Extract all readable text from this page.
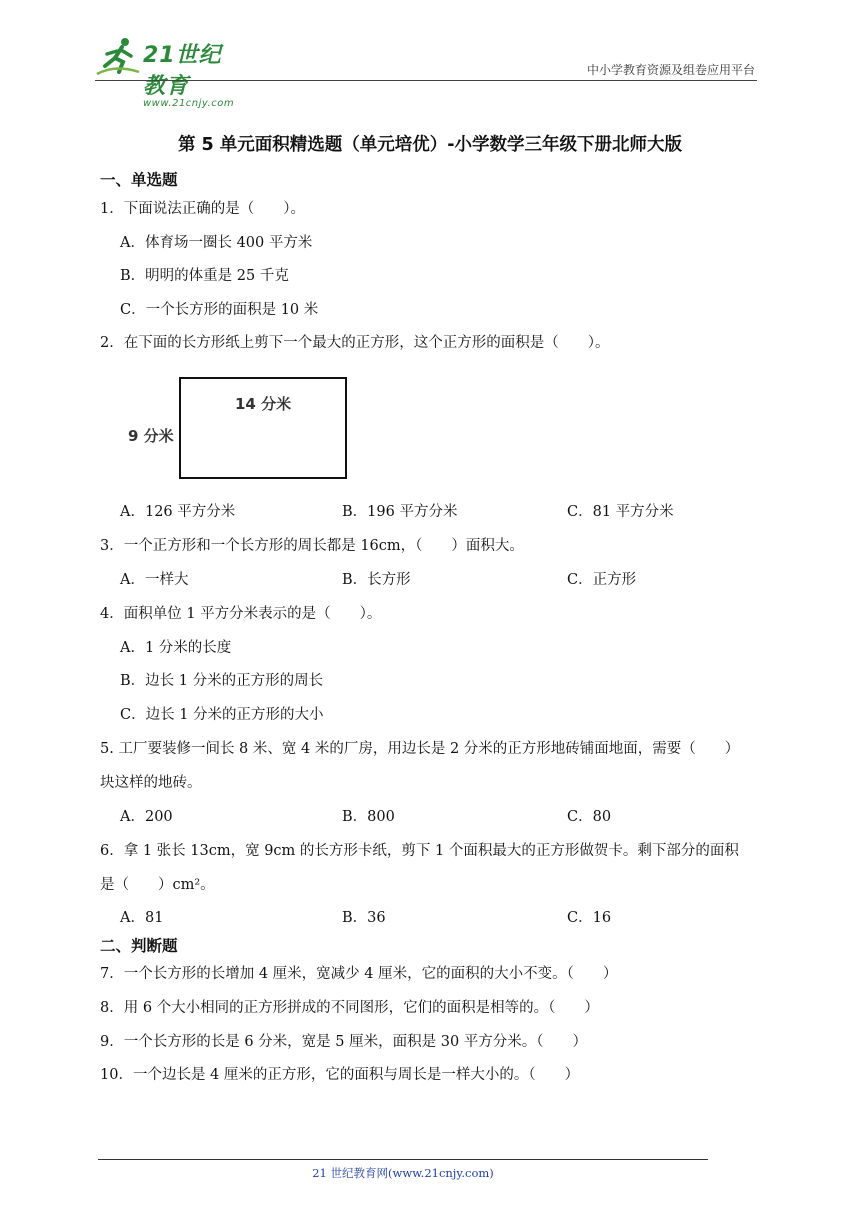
21世纪教育
www.21cnjy.com
中小学教育资源及组卷应用平台
第 5 单元面积精选题（单元培优）-小学数学三年级下册北师大版
一、单选题
1．下面说法正确的是（　　）。
A．体育场一圈长 400 平方米
B．明明的体重是 25 千克
C．一个长方形的面积是 10 米
2．在下面的长方形纸上剪下一个最大的正方形，这个正方形的面积是（　　）。
14 分米
9 分米
A．126 平方分米	B．196 平方分米	C．81 平方分米
3．一个正方形和一个长方形的周长都是 16cm，（　　）面积大。
A．一样大	B．长方形	C．正方形
4．面积单位 1 平方分米表示的是（　　）。
A．1 分米的长度
B．边长 1 分米的正方形的周长
C．边长 1 分米的正方形的大小
5. 工厂要装修一间长 8 米、宽 4 米的厂房，用边长是 2 分米的正方形地砖铺面地面，需要（　　）
块这样的地砖。
A．200	B．800	C．80
6．拿 1 张长 13cm，宽 9cm 的长方形卡纸，剪下 1 个面积最大的正方形做贺卡。剩下部分的面积
是（　　）cm²。
A．81	B．36	C．16
二、判断题
7．一个长方形的长增加 4 厘米，宽减少 4 厘米，它的面积的大小不变。（　　）
8．用 6 个大小相同的正方形拼成的不同图形，它们的面积是相等的。（　　）
9．一个长方形的长是 6 分米，宽是 5 厘米，面积是 30 平方分米。（　　）
10．一个边长是 4 厘米的正方形，它的面积与周长是一样大小的。（　　）
21 世纪教育网(www.21cnjy.com)
